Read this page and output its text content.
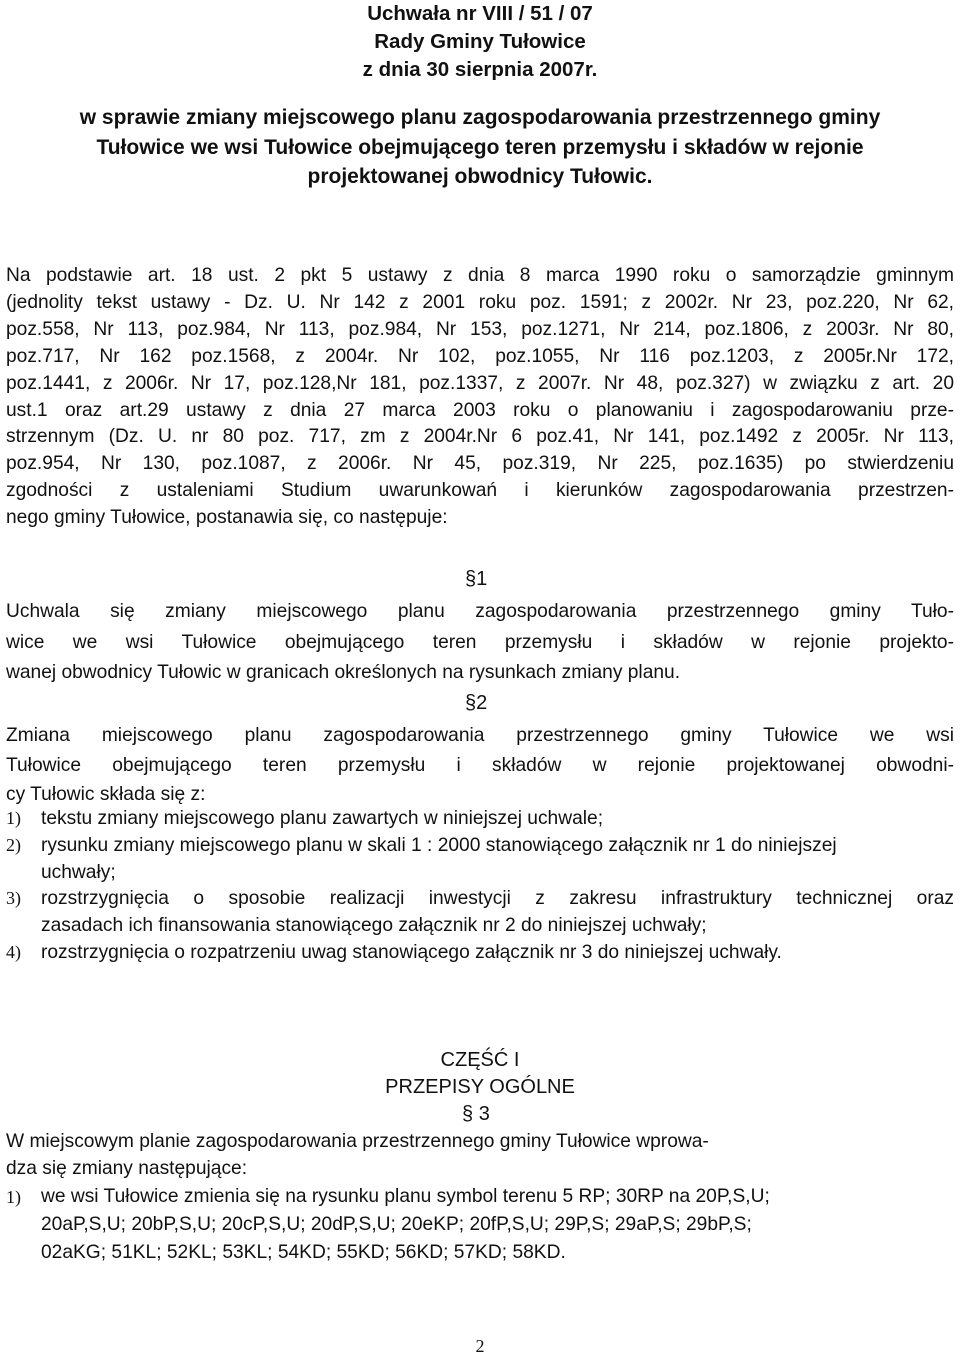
Uchwała nr VIII / 51 / 07
Rady Gminy Tułowice
z dnia 30 sierpnia 2007r.
w sprawie zmiany miejscowego planu zagospodarowania przestrzennego gminy
Tułowice we wsi Tułowice obejmującego teren przemysłu i składów w rejonie
projektowanej obwodnicy Tułowic.
Na podstawie art. 18 ust. 2 pkt 5 ustawy z dnia 8 marca 1990 roku o samorządzie gminnym
(jednolity tekst ustawy - Dz. U. Nr 142 z 2001 roku poz. 1591; z 2002r. Nr 23, poz.220, Nr 62,
poz.558, Nr 113, poz.984, Nr 113, poz.984, Nr 153, poz.1271, Nr 214, poz.1806, z 2003r. Nr 80,
poz.717, Nr 162 poz.1568, z 2004r. Nr 102, poz.1055, Nr 116 poz.1203, z 2005r.Nr 172,
poz.1441, z 2006r. Nr 17, poz.128,Nr 181, poz.1337, z 2007r. Nr 48, poz.327) w związku z art. 20
ust.1 oraz art.29 ustawy z dnia 27 marca 2003 roku o planowaniu i zagospodarowaniu prze-
strzennym (Dz. U. nr 80 poz. 717, zm z 2004r.Nr 6 poz.41, Nr 141, poz.1492 z 2005r. Nr 113,
poz.954, Nr 130, poz.1087, z 2006r. Nr 45, poz.319, Nr 225, poz.1635) po stwierdzeniu
zgodności z ustaleniami Studium uwarunkowań i kierunków zagospodarowania przestrzen-
nego gminy Tułowice, postanawia się, co następuje:
§1
Uchwala się zmiany miejscowego planu zagospodarowania przestrzennego gminy Tuło-
wice we wsi Tułowice obejmującego teren przemysłu i składów w rejonie projekto-
wanej obwodnicy Tułowic w granicach określonych na rysunkach zmiany planu.
§2
Zmiana miejscowego planu zagospodarowania przestrzennego gminy Tułowice we wsi
Tułowice obejmującego teren przemysłu i składów w rejonie projektowanej obwodni-
cy Tułowic składa się z:
1) tekstu zmiany miejscowego planu zawartych w niniejszej uchwale;
2) rysunku zmiany miejscowego planu w skali 1 : 2000 stanowiącego załącznik nr 1 do niniejszej
uchwały;
3) rozstrzygnięcia o sposobie realizacji inwestycji z zakresu infrastruktury technicznej oraz
zasadach ich finansowania stanowiącego załącznik nr 2 do niniejszej uchwały;
4) rozstrzygnięcia o rozpatrzeniu uwag stanowiącego załącznik nr 3 do niniejszej uchwały.
CZĘŚĆ I
PRZEPISY OGÓLNE
§ 3
W miejscowym planie zagospodarowania przestrzennego gminy Tułowice wprowa-
dza się zmiany następujące:
1) we wsi Tułowice zmienia się na rysunku planu symbol terenu 5 RP; 30RP na 20P,S,U;
20aP,S,U; 20bP,S,U; 20cP,S,U; 20dP,S,U; 20eKP; 20fP,S,U; 29P,S; 29aP,S; 29bP,S;
02aKG; 51KL; 52KL; 53KL; 54KD; 55KD; 56KD; 57KD; 58KD.
2
